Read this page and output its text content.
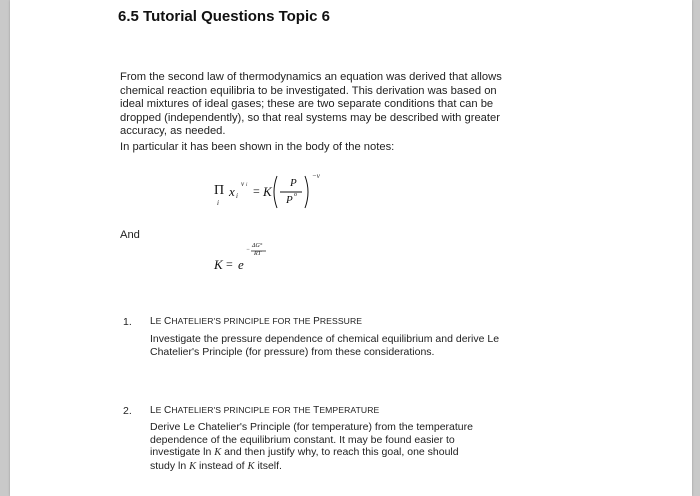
6.5 Tutorial Questions Topic 6
From the second law of thermodynamics an equation was derived that allows chemical reaction equilibria to be investigated. This derivation was based on ideal mixtures of ideal gases; these are two separate conditions that can be dropped (independently), so that real systems may be described with greater accuracy, as needed.
In particular it has been shown in the body of the notes:
Π x i
ν i
i
= K
P
P o
−ν
And
K = e
−
ΔG°
RT
1. LE CHATELIER'S PRINCIPLE FOR THE PRESSURE
Investigate the pressure dependence of chemical equilibrium and derive Le Chatelier's Principle (for pressure) from these considerations.
2. LE CHATELIER'S PRINCIPLE FOR THE TEMPERATURE
Derive Le Chatelier's Principle (for temperature) from the temperature
dependence of the equilibrium constant. It may be found easier to
investigate ln K and then justify why, to reach this goal, one should
study ln K instead of K itself.
